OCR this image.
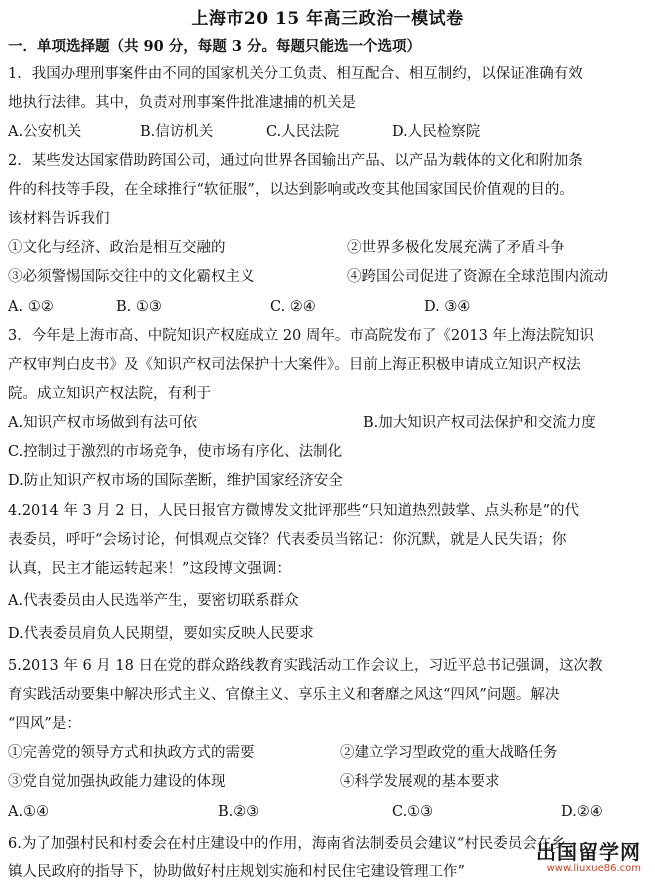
上海市20 15 年高三政治一模试卷
一．单项选择题（共 90 分，每题 3 分。每题只能选一个选项）
1．我国办理刑事案件由不同的国家机关分工负责、相互配合、相互制约，以保证准确有效
地执行法律。其中，负责对刑事案件批准逮捕的机关是
A.公安机关	B.信访机关	C.人民法院	D.人民检察院
2．某些发达国家借助跨国公司，通过向世界各国输出产品、以产品为载体的文化和附加条
件的科技等手段，在全球推行“软征服”，以达到影响或改变其他国家国民价值观的目的。
该材料告诉我们
①文化与经济、政治是相互交融的	②世界多极化发展充满了矛盾斗争
③必须警惕国际交往中的文化霸权主义	④跨国公司促进了资源在全球范围内流动
A. ①②	B. ①③	C. ②④	D. ③④
3．今年是上海市高、中院知识产权庭成立 20 周年。市高院发布了《2013 年上海法院知识
产权审判白皮书》及《知识产权司法保护十大案件》。目前上海正积极申请成立知识产权法
院。成立知识产权法院，有利于
A.知识产权市场做到有法可依	B.加大知识产权司法保护和交流力度
C.控制过于激烈的市场竞争，使市场有序化、法制化
D.防止知识产权市场的国际垄断，维护国家经济安全
4.2014 年 3 月 2 日，人民日报官方微博发文批评那些“只知道热烈鼓掌、点头称是”的代
表委员，呼吁“会场讨论，何惧观点交锋？代表委员当铭记：你沉默，就是人民失语；你
认真，民主才能运转起来！”这段博文强调：
A.代表委员由人民选举产生，要密切联系群众
D.代表委员肩负人民期望，要如实反映人民要求
5.2013 年 6 月 18 日在党的群众路线教育实践活动工作会议上，习近平总书记强调，这次教
育实践活动要集中解决形式主义、官僚主义、享乐主义和奢靡之风这“四风”问题。解决
“四风”是：
①完善党的领导方式和执政方式的需要	②建立学习型政党的重大战略任务
③党自觉加强执政能力建设的体现	④科学发展观的基本要求
A.①④	B.②③	C.①③	D.②④
6.为了加强村民和村委会在村庄建设中的作用，海南省法制委员会建议“村民委员会在乡
镇人民政府的指导下，协助做好村庄规划实施和村民住宅建设管理工作”
出国留学网
www.liuxue86.com
